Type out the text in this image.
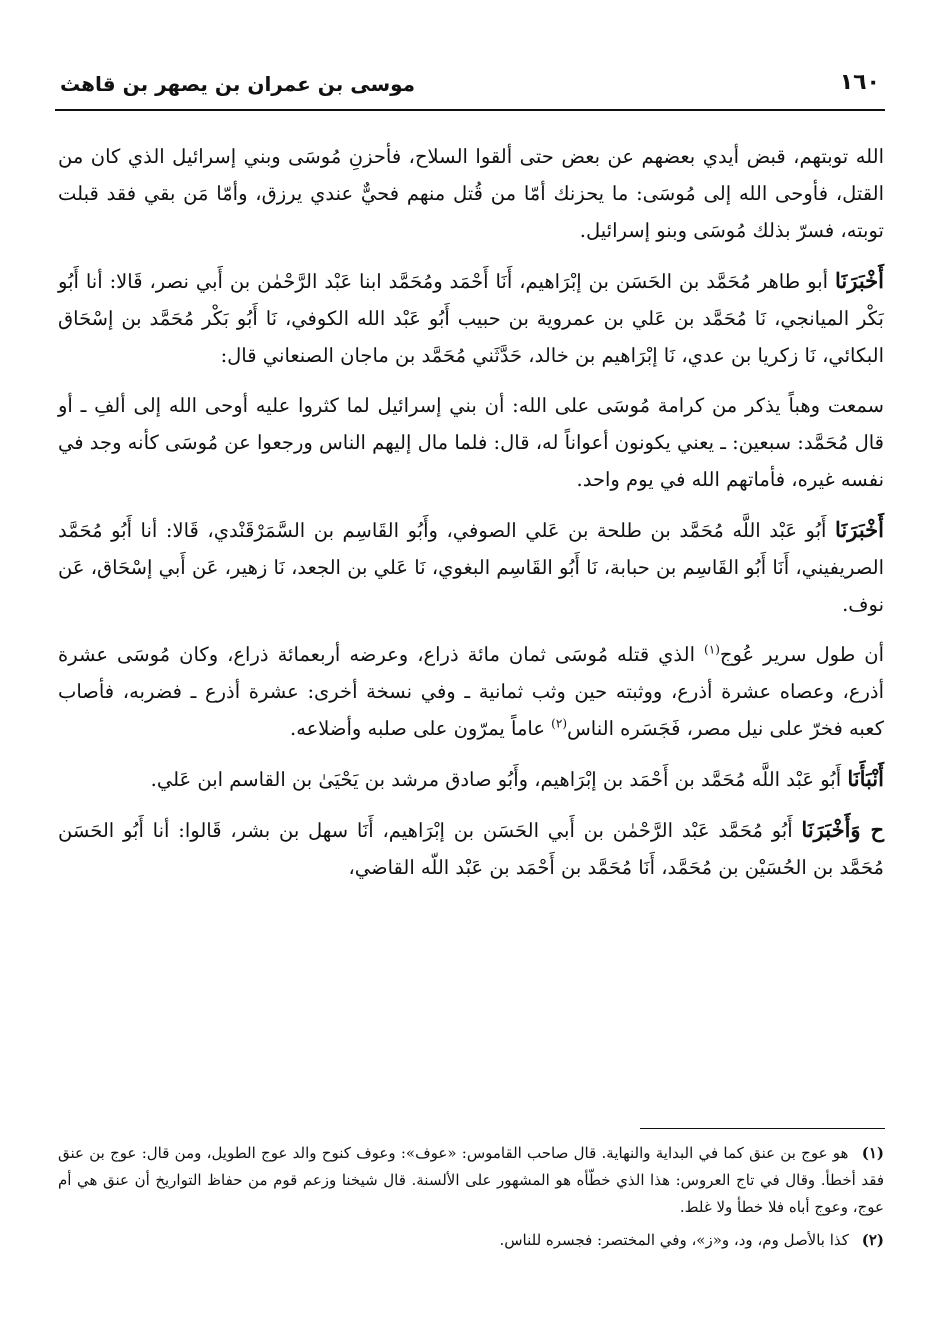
١٦٠
موسى بن عمران بن يصهر بن قاهث

الله توبتهم، قبض أيدي بعضهم عن بعض حتى ألقوا السلاح، فأحزنِ مُوسَى وبني إسرائيل الذي كان من القتل، فأوحى الله إلى مُوسَى: ما يحزنك أمّا من قُتل منهم فحيٌّ عندي يرزق، وأمّا مَن بقي فقد قبلت توبته، فسرّ بذلك مُوسَى وبنو إسرائيل.

أَخْبَرَنَا أبو طاهر مُحَمَّد بن الحَسَن بن إبْرَاهيم، أَنَا أَحْمَد ومُحَمَّد ابنا عَبْد الرَّحْمٰن بن أَبي نصر، قَالا: أنا أَبُو بَكْر الميانجي، نَا مُحَمَّد بن عَلي بن عمروية بن حبيب أَبُو عَبْد الله الكوفي، نَا أَبُو بَكْر مُحَمَّد بن إسْحَاق البكائي، نَا زكريا بن عدي، نَا إبْرَاهيم بن خالد، حَدَّثَني مُحَمَّد بن ماجان الصنعاني قال:

سمعت وهباً يذكر من كرامة مُوسَى على الله: أن بني إسرائيل لما كثروا عليه أوحى الله إلى ألفِ ـ أو قال مُحَمَّد: سبعين: ـ يعني يكونون أعواناً له، قال: فلما مال إليهم الناس ورجعوا عن مُوسَى كأنه وجد في نفسه غيره، فأماتهم الله في يوم واحد.

أَخْبَرَنَا أَبُو عَبْد اللَّه مُحَمَّد بن طلحة بن عَلي الصوفي، وأَبُو القَاسِم بن السَّمَرْقَنْدي، قَالا: أنا أَبُو مُحَمَّد الصريفيني، أَنَا أَبُو القَاسِم بن حبابة، نَا أَبُو القَاسِم البغوي، نَا عَلي بن الجعد، نَا زهير، عَن أَبي إسْحَاق، عَن نوف.

أن طول سرير عُوج$^{(١)}$ الذي قتله مُوسَى ثمان مائة ذراع، وعرضه أربعمائة ذراع، وكان مُوسَى عشرة أذرع، وعصاه عشرة أذرع، ووثبته حين وثب ثمانية ـ وفي نسخة أخرى: عشرة أذرع ـ فضربه، فأصاب كعبه فخرّ على نيل مصر، فَجَسَره الناس$^{(٢)}$ عاماً يمرّون على صلبه وأضلاعه.

أَنْبَأَنَا أَبُو عَبْد اللَّه مُحَمَّد بن أَحْمَد بن إبْرَاهيم، وأَبُو صادق مرشد بن يَحْيَىٰ بن القاسم ابن عَلي.

ح وَأَخْبَرَنَا أَبُو مُحَمَّد عَبْد الرَّحْمٰن بن أَبي الحَسَن بن إبْرَاهيم، أَنَا سهل بن بشر، قَالوا: أنا أَبُو الحَسَن مُحَمَّد بن الحُسَيْن بن مُحَمَّد، أَنَا مُحَمَّد بن أَحْمَد بن عَبْد اللّه القاضي،

(١) هو عوج بن عنق كما في البداية والنهاية. قال صاحب القاموس: «عوف»: وعوف كنوح والد عوج الطويل، ومن قال: عوج بن عنق فقد أخطأ. وقال في تاج العروس: هذا الذي خطّأه هو المشهور على الألسنة. قال شيخنا وزعم قوم من حفاظ التواريخ أن عنق هي أم عوج، وعوج أباه فلا خطأ ولا غلط.

(٢) كذا بالأصل وم، ود، و«ز»، وفي المختصر: فجسره للناس.
